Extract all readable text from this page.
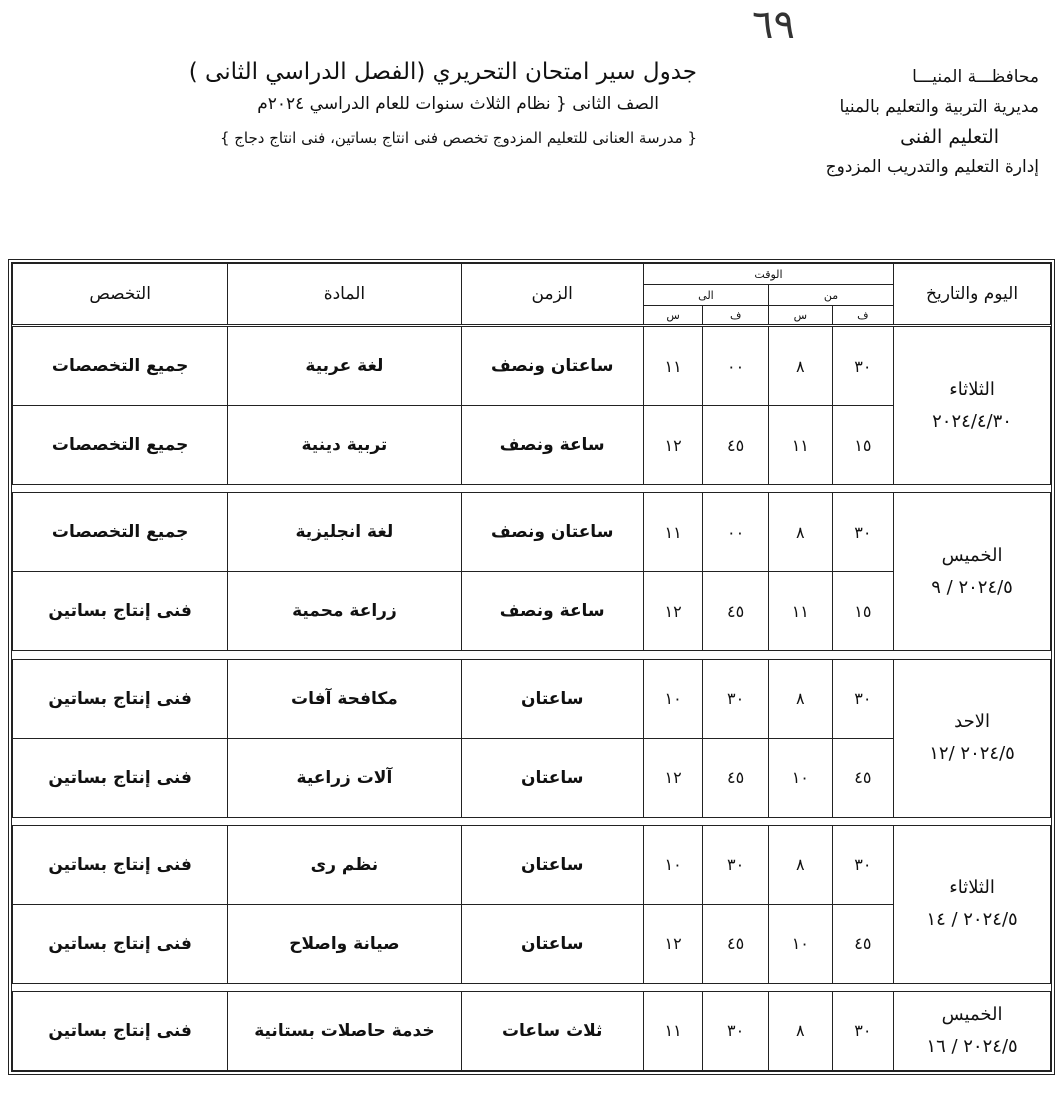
٦٩
محافظـــة المنيـــا
مديرية التربية والتعليم بالمنيا
التعليم الفنى
إدارة التعليم والتدريب المزدوج
جدول سير امتحان التحريري (الفصل الدراسي الثانى )
الصف الثانى { نظام الثلاث سنوات للعام الدراسي ٢٠٢٤م
{ مدرسة العنانى للتعليم المزدوج تخصص فنى انتاج بساتين، فنى انتاج دجاج }
اليوم والتاريخ	الوقت				الزمن	المادة	التخصص
	من		الى				
	ف	س	ف	س			

الثلاثاء
٢٠٢٤/٤/٣٠	٣٠	٨	٠٠	١١	ساعتان ونصف	لغة عربية	جميع التخصصات
	١٥	١١	٤٥	١٢	ساعة ونصف	تربية دينية	جميع التخصصات

الخميس
٢٠٢٤/٥ / ٩	٣٠	٨	٠٠	١١	ساعتان ونصف	لغة انجليزية	جميع التخصصات
	١٥	١١	٤٥	١٢	ساعة ونصف	زراعة محمية	فنى إنتاج بساتين

الاحد
٢٠٢٤/٥ /١٢	٣٠	٨	٣٠	١٠	ساعتان	مكافحة آفات	فنى إنتاج بساتين
	٤٥	١٠	٤٥	١٢	ساعتان	آلات زراعية	فنى إنتاج بساتين

الثلاثاء
٢٠٢٤/٥ / ١٤	٣٠	٨	٣٠	١٠	ساعتان	نظم رى	فنى إنتاج بساتين
	٤٥	١٠	٤٥	١٢	ساعتان	صيانة واصلاح	فنى إنتاج بساتين

الخميس
٢٠٢٤/٥ / ١٦	٣٠	٨	٣٠	١١	ثلاث ساعات	خدمة حاصلات بستانية	فنى إنتاج بساتين
